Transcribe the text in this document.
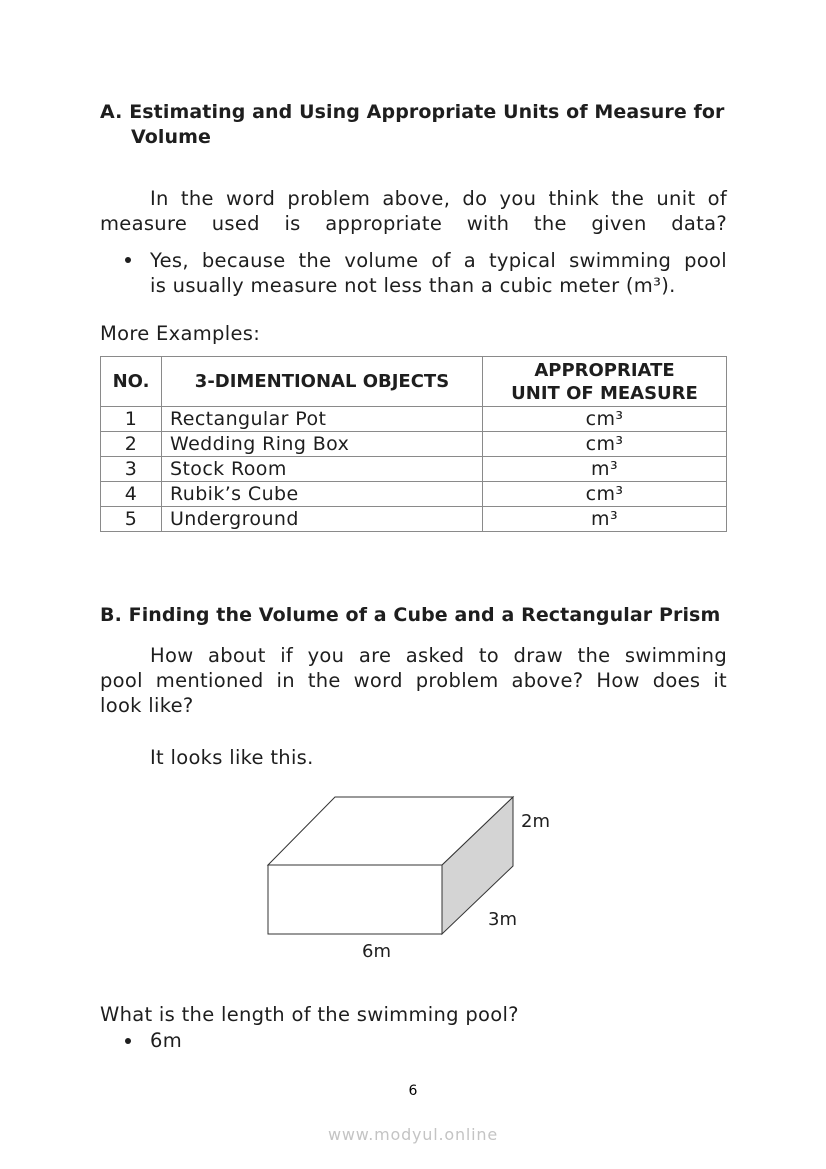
A. Estimating and Using Appropriate Units of Measure for
Volume
In the word problem above, do you think the unit of
measure used is appropriate with the given data?
Yes, because the volume of a typical swimming pool
is usually measure not less than a cubic meter (m³).
More Examples:
NO.	3-DIMENTIONAL OBJECTS	APPROPRIATE
UNIT OF MEASURE

1	Rectangular Pot	cm³
2	Wedding Ring Box	cm³
3	Stock Room	m³
4	Rubik’s Cube	cm³
5	Underground	m³
B. Finding the Volume of a Cube and a Rectangular Prism
How about if you are asked to draw the swimming
pool mentioned in the word problem above? How does it
look like?
It looks like this.
2m
3m
6m
What is the length of the swimming pool?
6m
6
www.modyul.online
